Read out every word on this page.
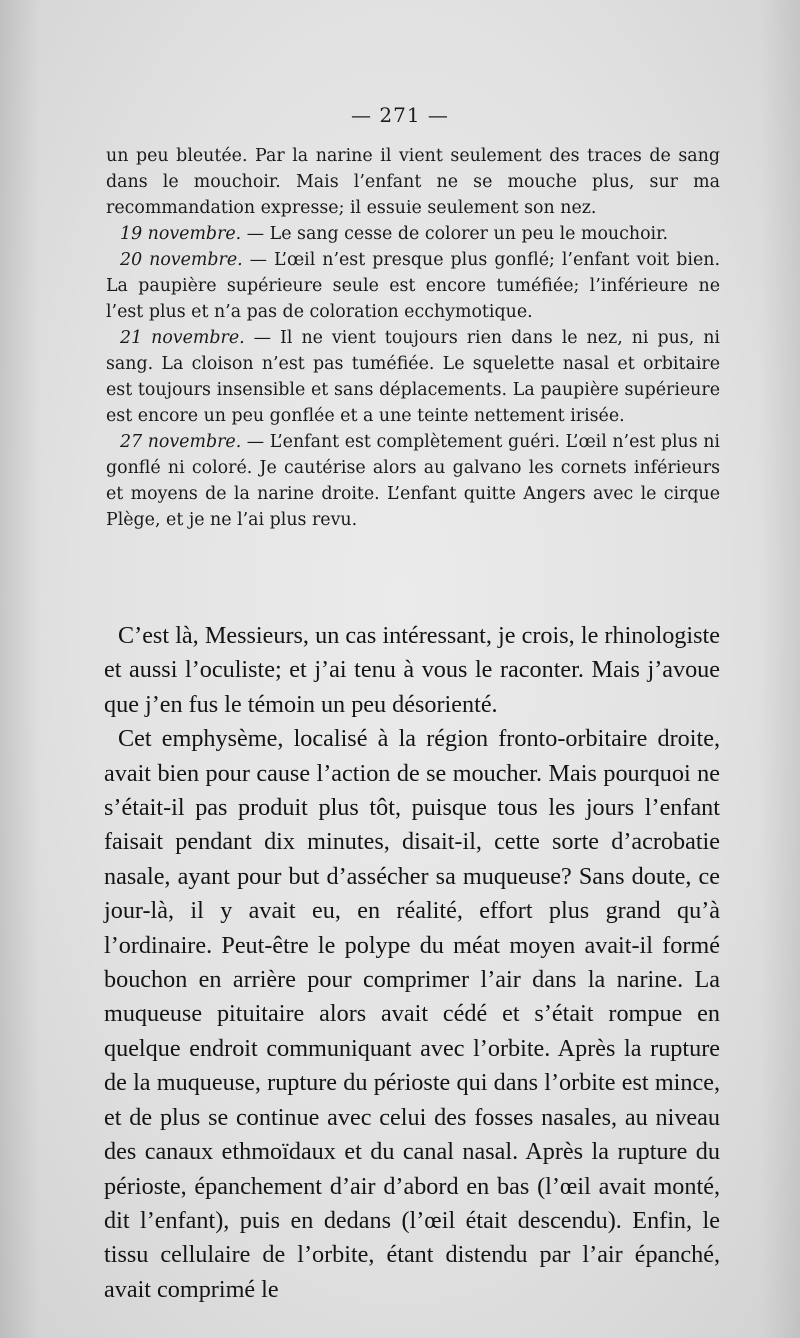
— 271 —

un peu bleutée. Par la narine il vient seulement des traces de sang dans le mouchoir. Mais l’enfant ne se mouche plus, sur ma recommandation expresse; il essuie seulement son nez.

19 novembre. — Le sang cesse de colorer un peu le mouchoir.

20 novembre. — L’œil n’est presque plus gonflé; l’enfant voit bien. La paupière supérieure seule est encore tuméfiée; l’inférieure ne l’est plus et n’a pas de coloration ecchymotique.

21 novembre. — Il ne vient toujours rien dans le nez, ni pus, ni sang. La cloison n’est pas tuméfiée. Le squelette nasal et orbitaire est toujours insensible et sans déplacements. La paupière supérieure est encore un peu gonflée et a une teinte nettement irisée.

27 novembre. — L’enfant est complètement guéri. L’œil n’est plus ni gonflé ni coloré. Je cautérise alors au galvano les cornets inférieurs et moyens de la narine droite. L’enfant quitte Angers avec le cirque Plège, et je ne l’ai plus revu.

C’est là, Messieurs, un cas intéressant, je crois, le rhinologiste et aussi l’oculiste; et j’ai tenu à vous le raconter. Mais j’avoue que j’en fus le témoin un peu désorienté.

Cet emphysème, localisé à la région fronto-orbitaire droite, avait bien pour cause l’action de se moucher. Mais pourquoi ne s’était-il pas produit plus tôt, puisque tous les jours l’enfant faisait pendant dix minutes, disait-il, cette sorte d’acrobatie nasale, ayant pour but d’assécher sa muqueuse? Sans doute, ce jour-là, il y avait eu, en réalité, effort plus grand qu’à l’ordinaire. Peut-être le polype du méat moyen avait-il formé bouchon en arrière pour comprimer l’air dans la narine. La muqueuse pituitaire alors avait cédé et s’était rompue en quelque endroit communiquant avec l’orbite. Après la rupture de la muqueuse, rupture du périoste qui dans l’orbite est mince, et de plus se continue avec celui des fosses nasales, au niveau des canaux ethmoïdaux et du canal nasal. Après la rupture du périoste, épanchement d’air d’abord en bas (l’œil avait monté, dit l’enfant), puis en dedans (l’œil était descendu). Enfin, le tissu cellulaire de l’orbite, étant distendu par l’air épanché, avait comprimé le
